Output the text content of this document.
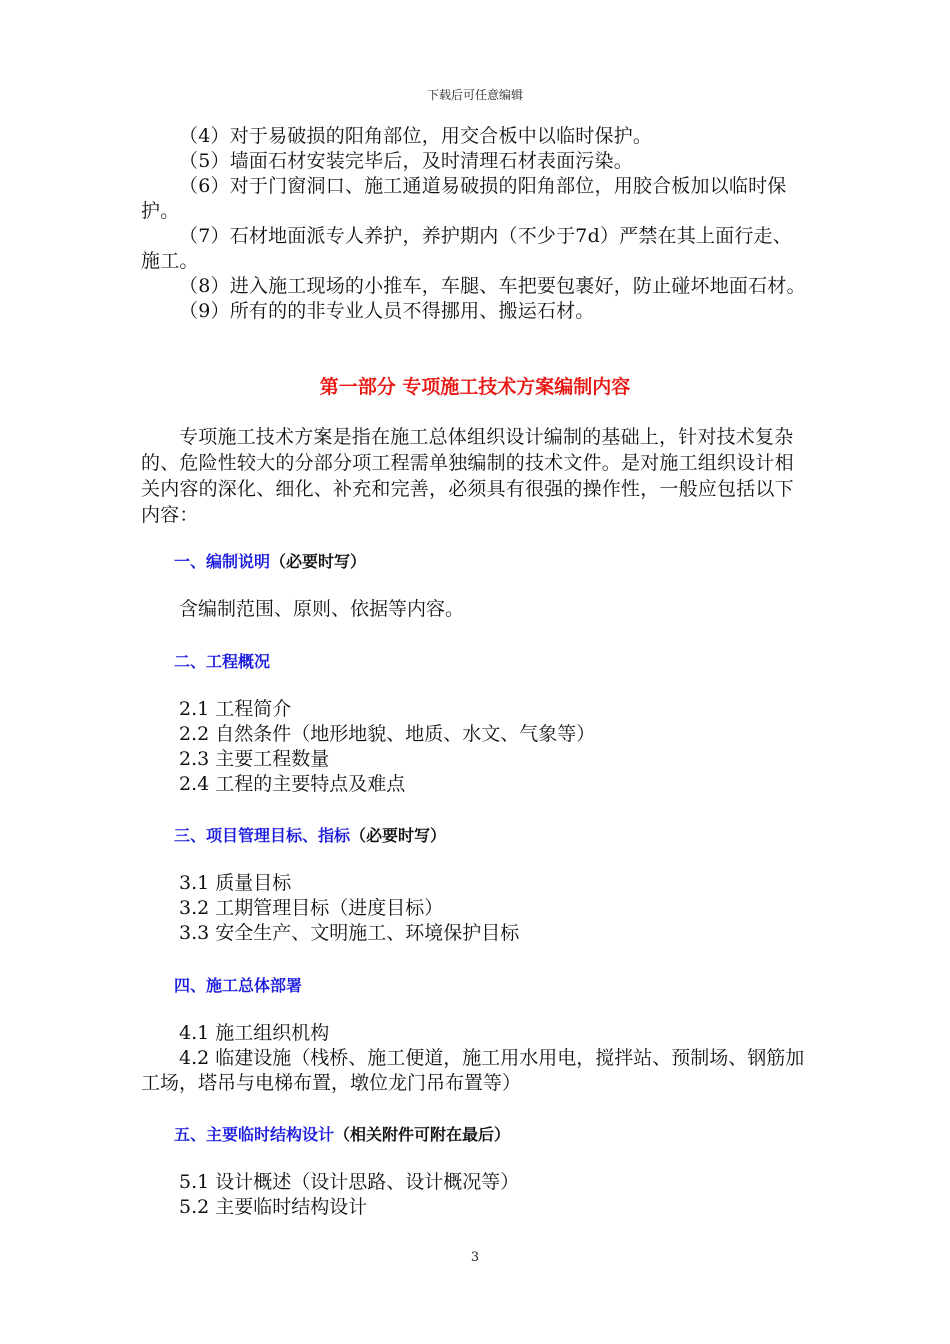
下载后可任意编辑

（4）对于易破损的阳角部位，用交合板中以临时保护。

（5）墙面石材安装完毕后，及时清理石材表面污染。

（6）对于门窗洞口、施工通道易破损的阳角部位，用胶合板加以临时保护。

（7）石材地面派专人养护，养护期内（不少于7d）严禁在其上面行走、施工。

（8）进入施工现场的小推车，车腿、车把要包裹好，防止碰坏地面石材。

（9）所有的的非专业人员不得挪用、搬运石材。

第一部分 专项施工技术方案编制内容

专项施工技术方案是指在施工总体组织设计编制的基础上，针对技术复杂的、危险性较大的分部分项工程需单独编制的技术文件。是对施工组织设计相关内容的深化、细化、补充和完善，必须具有很强的操作性，一般应包括以下内容：

一、编制说明（必要时写）

含编制范围、原则、依据等内容。

二、工程概况

2.1 工程简介

2.2 自然条件（地形地貌、地质、水文、气象等）

2.3 主要工程数量

2.4 工程的主要特点及难点

三、项目管理目标、指标（必要时写）

3.1 质量目标

3.2 工期管理目标（进度目标）

3.3 安全生产、文明施工、环境保护目标

四、施工总体部署

4.1 施工组织机构

4.2 临建设施（栈桥、施工便道，施工用水用电，搅拌站、预制场、钢筋加工场，塔吊与电梯布置，墩位龙门吊布置等）

五、主要临时结构设计（相关附件可附在最后）

5.1 设计概述（设计思路、设计概况等）

5.2 主要临时结构设计

3
